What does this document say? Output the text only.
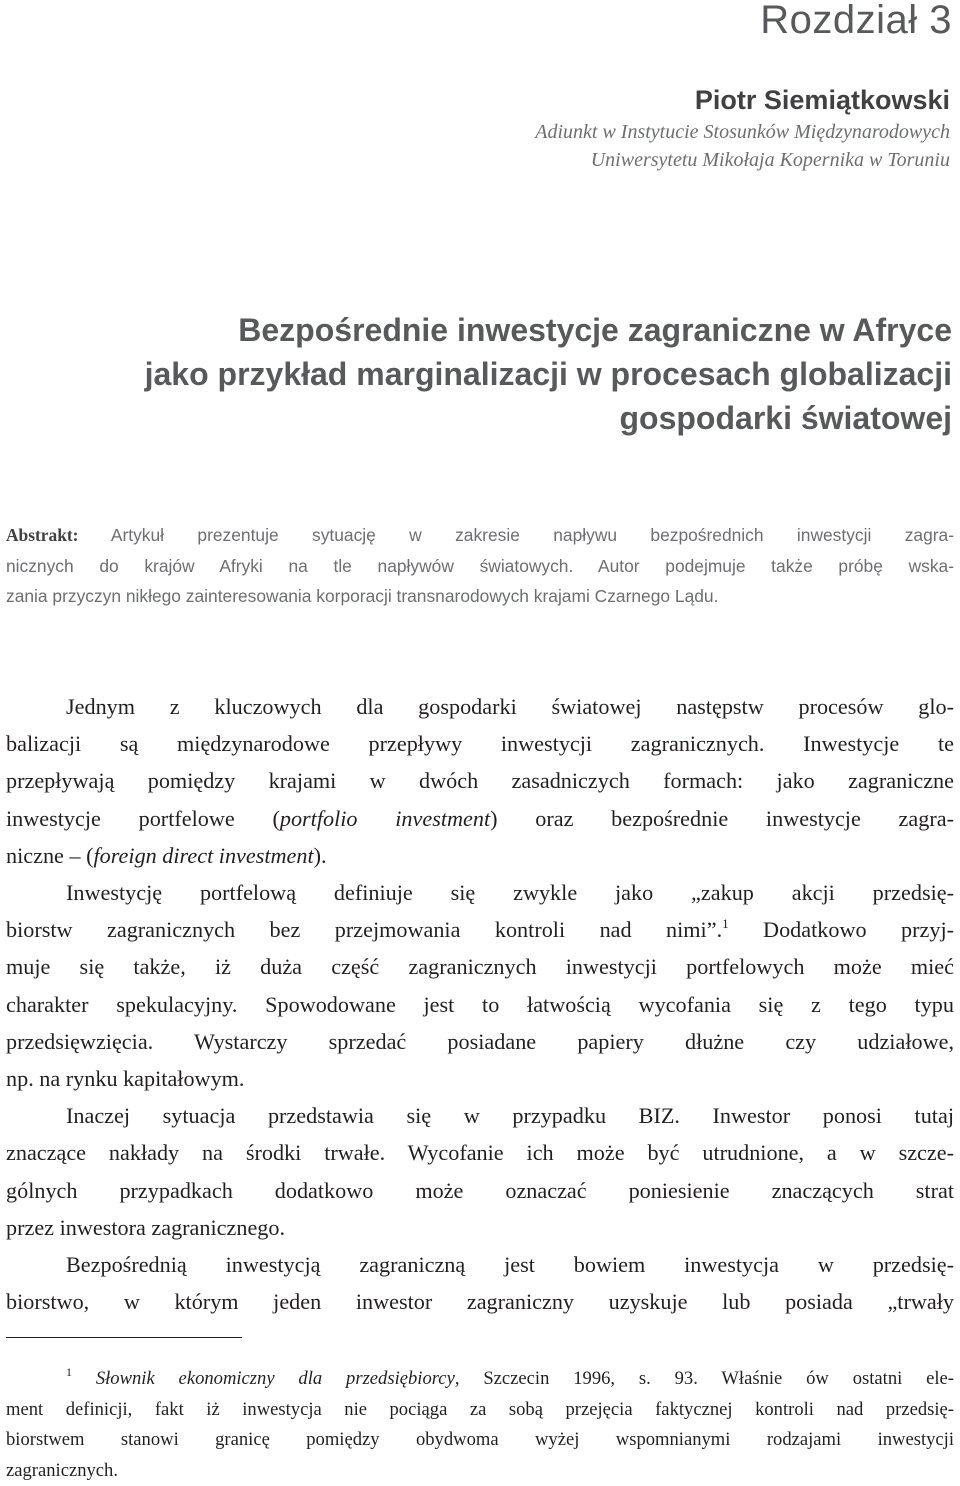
Rozdział 3

Piotr Siemiątkowski

Adiunkt w Instytucie Stosunków Międzynarodowych

Uniwersytetu Mikołaja Kopernika w Toruniu

Bezpośrednie inwestycje zagraniczne w Afryce
jako przykład marginalizacji w procesach globalizacji
gospodarki światowej
Abstrakt: Artykuł prezentuje sytuację w zakresie napływu bezpośrednich inwestycji zagra-
nicznych do krajów Afryki na tle napływów światowych. Autor podejmuje także próbę wska-
zania przyczyn nikłego zainteresowania korporacji transnarodowych krajami Czarnego Lądu.
Jednym z kluczowych dla gospodarki światowej następstw procesów glo-
balizacji są międzynarodowe przepływy inwestycji zagranicznych. Inwestycje te
przepływają pomiędzy krajami w dwóch zasadniczych formach: jako zagraniczne
inwestycje portfelowe (portfolio investment) oraz bezpośrednie inwestycje zagra-
niczne – (foreign direct investment).
Inwestycję portfelową definiuje się zwykle jako „zakup akcji przedsię-
biorstw zagranicznych bez przejmowania kontroli nad nimi”.$^1$ Dodatkowo przyj-
muje się także, iż duża część zagranicznych inwestycji portfelowych może mieć
charakter spekulacyjny. Spowodowane jest to łatwością wycofania się z tego typu
przedsięwzięcia. Wystarczy sprzedać posiadane papiery dłużne czy udziałowe,
np. na rynku kapitałowym.
Inaczej sytuacja przedstawia się w przypadku BIZ. Inwestor ponosi tutaj
znaczące nakłady na środki trwałe. Wycofanie ich może być utrudnione, a w szcze-
gólnych przypadkach dodatkowo może oznaczać poniesienie znaczących strat
przez inwestora zagranicznego.
Bezpośrednią inwestycją zagraniczną jest bowiem inwestycja w przedsię-
biorstwo, w którym jeden inwestor zagraniczny uzyskuje lub posiada „trwały
$^1$ Słownik ekonomiczny dla przedsiębiorcy, Szczecin 1996, s. 93. Właśnie ów ostatni ele-
ment definicji, fakt iż inwestycja nie pociąga za sobą przejęcia faktycznej kontroli nad przedsię-
biorstwem stanowi granicę pomiędzy obydwoma wyżej wspomnianymi rodzajami inwestycji
zagranicznych.
